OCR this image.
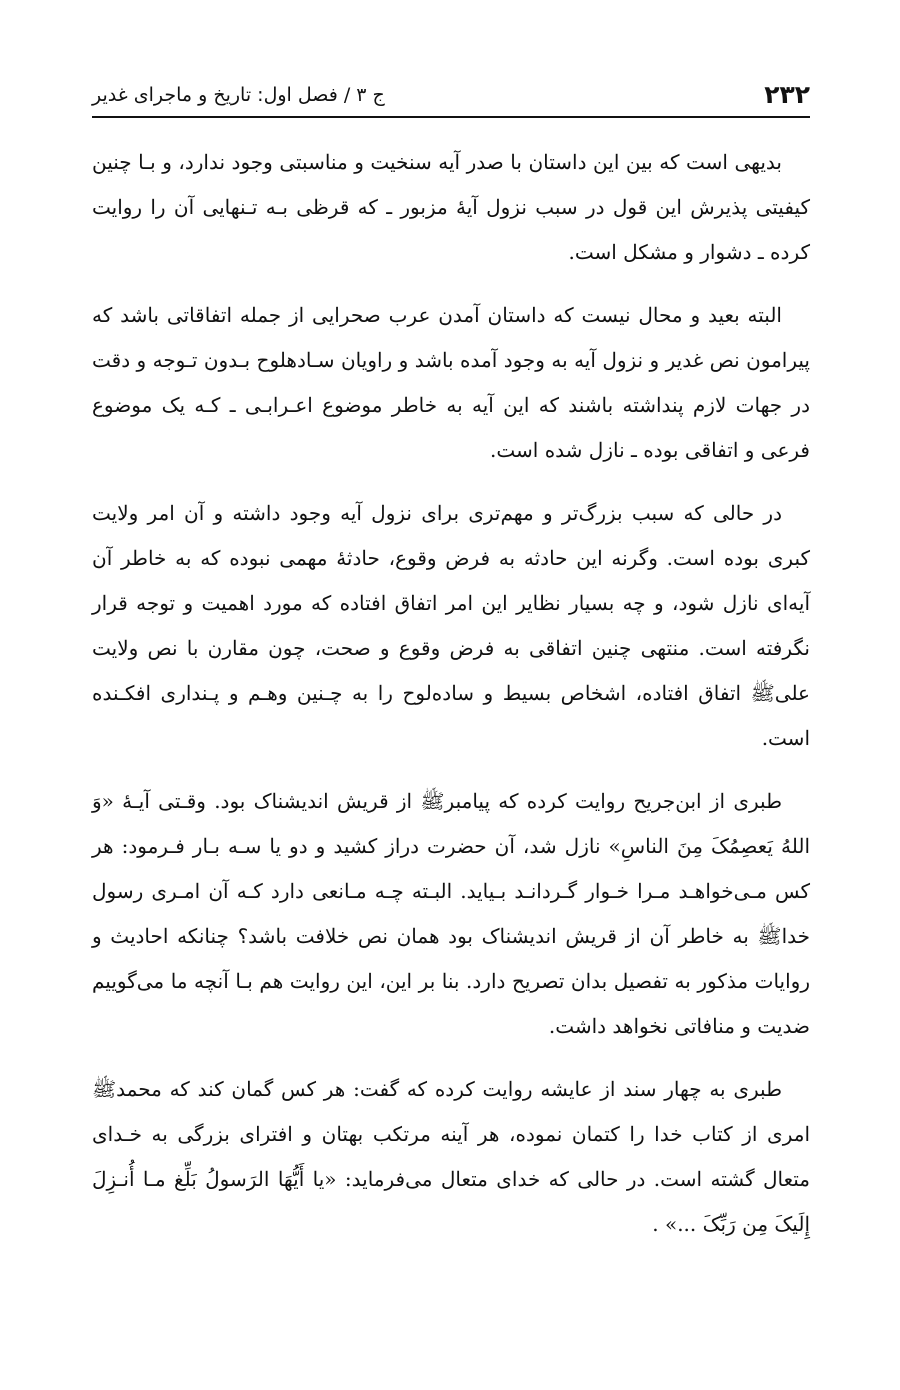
۲۳۲
ج ۳ / فصل اول: تاریخ و ماجرای غدیر

بدیهی است که بین این داستان با صدر آیه سنخیت و مناسبتی وجود ندارد، و بـا چنین کیفیتی پذیرش این قول در سبب نزول آیهٔ مزبور ـ که قرظی بـه تـنهایی آن را روایت کرده ـ دشوار و مشکل است.

البته بعید و محال نیست که داستان آمدن عرب صحرایی از جمله اتفاقاتی باشد که پیرامون نص غدیر و نزول آیه به وجود آمده باشد و راویان سـادهلوح بـدون تـوجه و دقت در جهات لازم پنداشته باشند که این آیه به خاطر موضوع اعـرابـی ـ کـه یک موضوع فرعی و اتفاقی بوده ـ نازل شده است.

در حالی که سبب بزرگ‌تر و مهم‌تری برای نزول آیه وجود داشته و آن امر ولایت کبری بوده است. وگرنه این حادثه به فرض وقوع، حادثهٔ مهمی نبوده که به خاطر آن آیه‌ای نازل شود، و چه بسیار نظایر این امر اتفاق افتاده که مورد اهمیت و توجه قرار نگرفته است. منتهی چنین اتفاقی به فرض وقوع و صحت، چون مقارن با نص ولایت علی‌ﷺ اتفاق افتاده، اشخاص بسیط و ساده‌لوح را به چـنین وهـم و پـنداری افکـنده است.

طبری از ابن‌جریح روایت کرده که پیامبرﷺ از قریش اندیشناک بود. وقـتی آیـهٔ «وَ اللهُ یَعصِمُکَ مِنَ الناسِ» نازل شد، آن حضرت دراز کشید و دو یا سـه بـار فـرمود: هر کس مـی‌خواهـد مـرا خـوار گـردانـد بـیاید. البـته چـه مـانعی دارد کـه آن امـری رسول خداﷺ به خاطر آن از قریش اندیشناک بود همان نص خلافت باشد؟ چنانکه احادیث و روایات مذکور به تفصیل بدان تصریح دارد. بنا بر این، این روایت هم بـا آنچه ما می‌گوییم ضدیت و منافاتی نخواهد داشت.

طبری به چهار سند از عایشه روایت کرده که گفت: هر کس گمان کند که محمدﷺ امری از کتاب خدا را کتمان نموده، هر آینه مرتکب بهتان و افترای بزرگی به خـدای متعال گشته است. در حالی که خدای متعال می‌فرماید: «یا أَیُّهَا الرَسولُ بَلِّغ مـا أُنـزِلَ إِلَیکَ مِن رَبِّکَ ...» .
